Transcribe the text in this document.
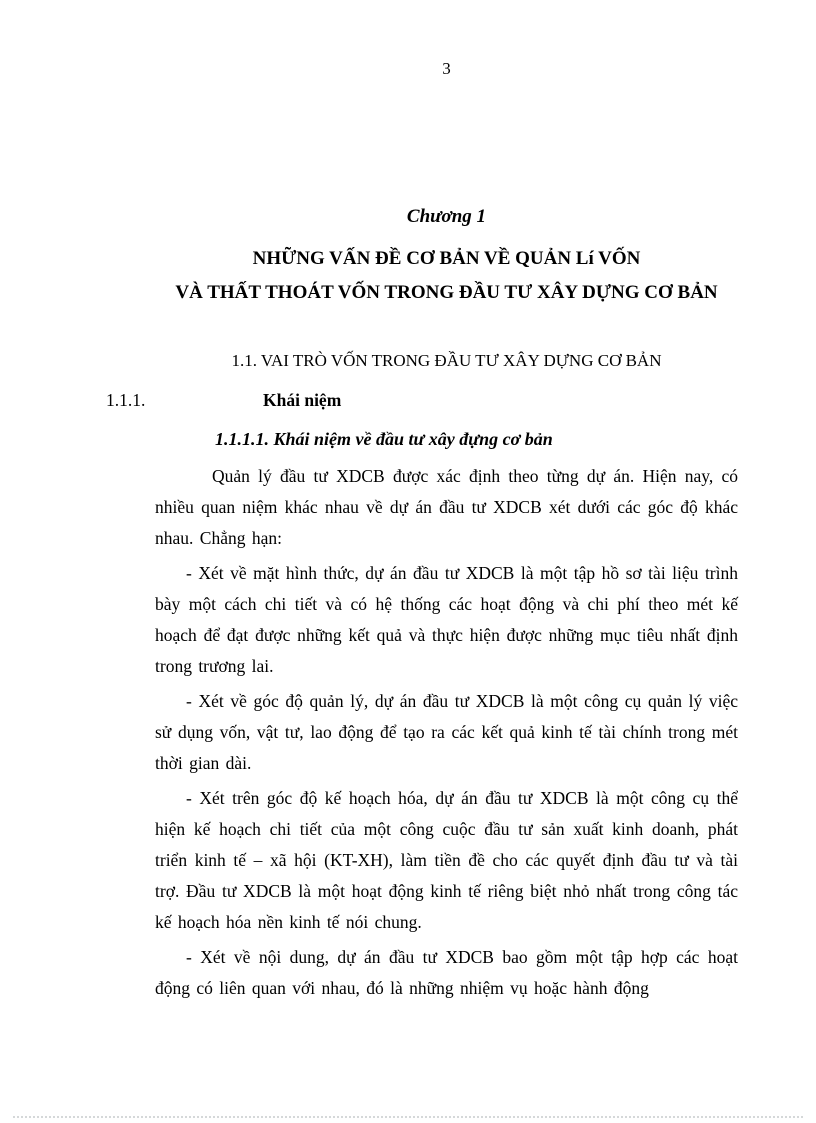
3
Chương 1
NHỮNG VẤN ĐỀ CƠ BẢN VỀ QUẢN Lí VỐN
VÀ THẤT THOÁT VỐN TRONG ĐẦU TƯ XÂY DỰNG CƠ BẢN
1.1. VAI TRÒ VỐN TRONG ĐẦU TƯ XÂY DỰNG CƠ BẢN
1.1.1.	Khái niệm
1.1.1.1. Khái niệm về đầu tư xây đựng cơ bản

Quản lý đầu tư XDCB được xác định theo từng dự án. Hiện nay, có nhiều quan niệm khác nhau về dự án đầu tư XDCB xét dưới các góc độ khác nhau. Chẳng hạn:

- Xét về mặt hình thức, dự án đầu tư XDCB là một tập hồ sơ tài liệu trình bày một cách chi tiết và có hệ thống các hoạt động và chi phí theo mét kế hoạch để đạt được những kết quả và thực hiện được những mục tiêu nhất định trong trương lai.

- Xét về góc độ quản lý, dự án đầu tư XDCB là một công cụ quản lý việc sử dụng vốn, vật tư, lao động để tạo ra các kết quả kinh tế tài chính trong mét thời gian dài.

- Xét trên góc độ kế hoạch hóa, dự án đầu tư XDCB là một công cụ thể hiện kế hoạch chi tiết của một công cuộc đầu tư sản xuất kinh doanh, phát triển kinh tế – xã hội (KT-XH), làm tiền đề cho các quyết định đầu tư và tài trợ. Đầu tư XDCB là một hoạt động kinh tế riêng biệt nhỏ nhất trong công tác kế hoạch hóa nền kinh tế nói chung.

- Xét về nội dung, dự án đầu tư XDCB bao gồm một tập hợp các hoạt động có liên quan với nhau, đó là những nhiệm vụ hoặc hành động
